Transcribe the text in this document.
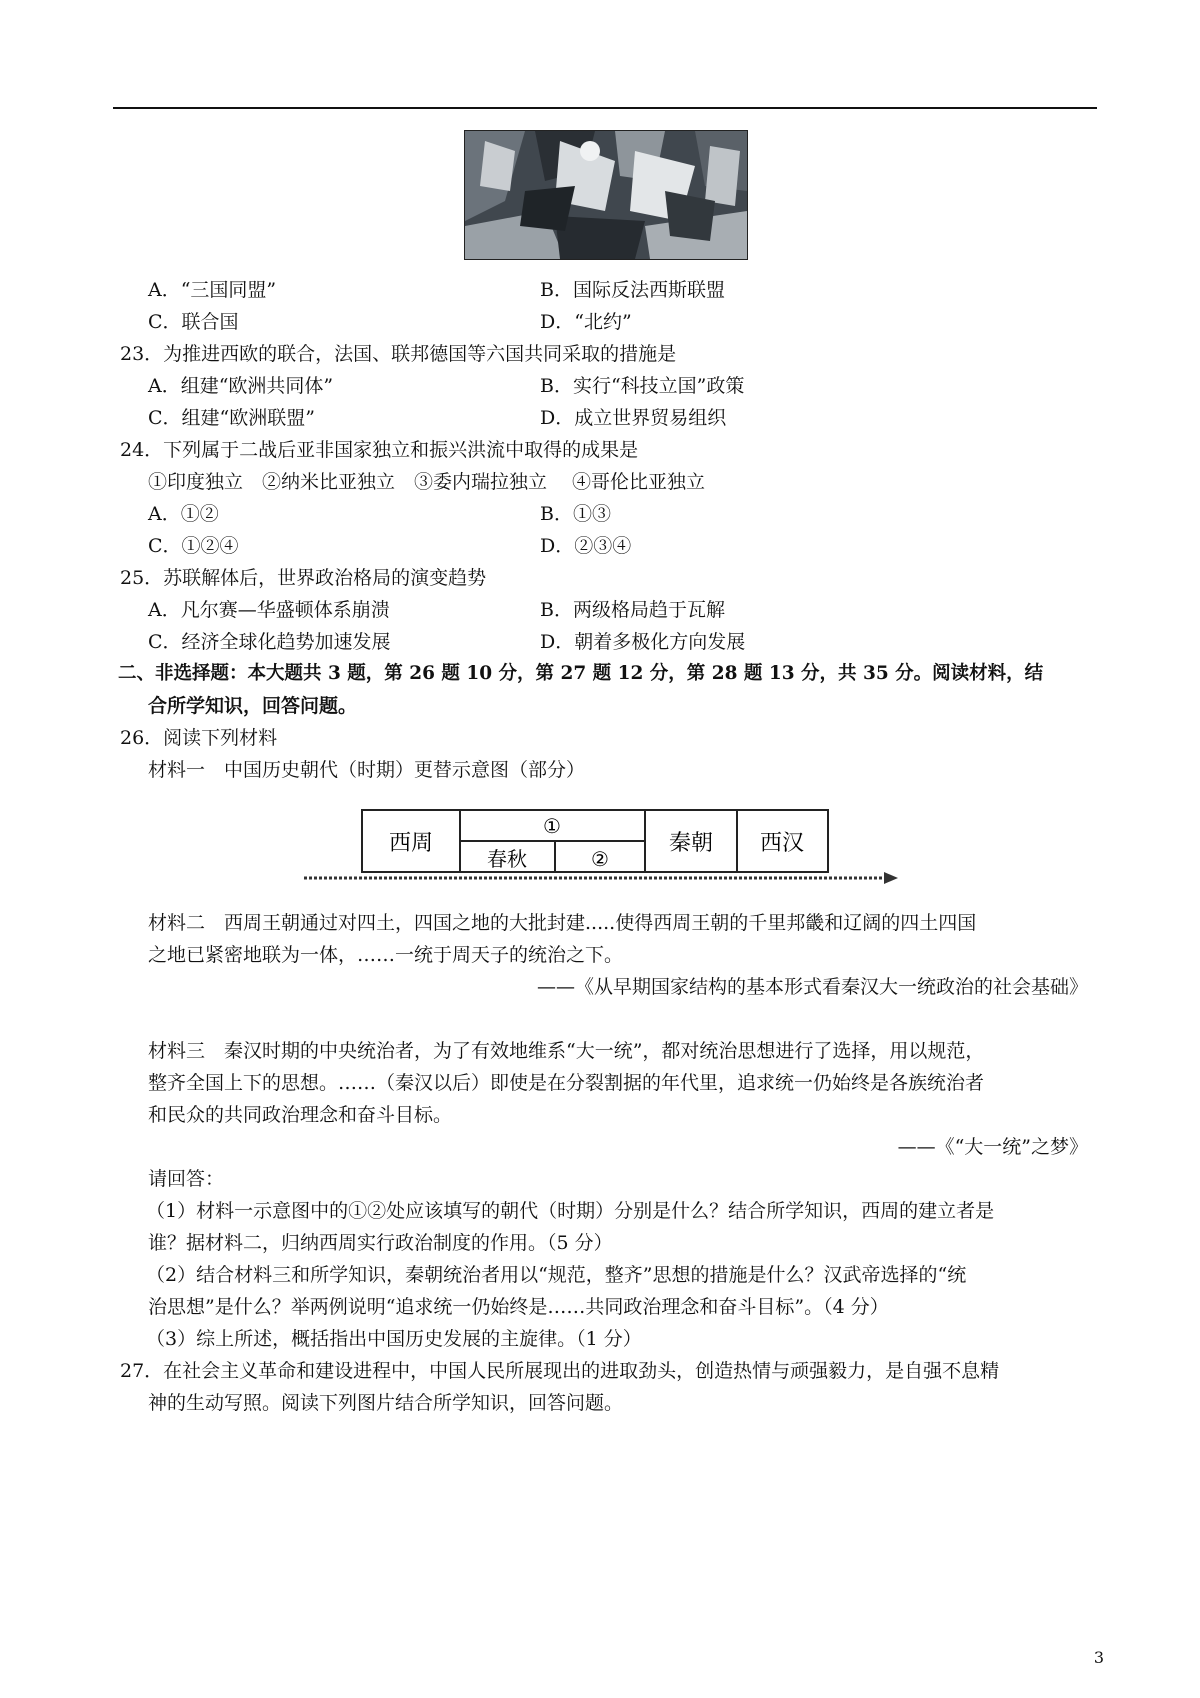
A．“三国同盟”	B．国际反法西斯联盟
C．联合国	D．“北约”
23．为推进西欧的联合，法国、联邦德国等六国共同采取的措施是
A．组建“欧洲共同体”	B．实行“科技立国”政策
C．组建“欧洲联盟”	D．成立世界贸易组织
24．下列属于二战后亚非国家独立和振兴洪流中取得的成果是
①印度独立　②纳米比亚独立　③委内瑞拉独立　 ④哥伦比亚独立
A．①②	B．①③
C．①②④	D．②③④
25．苏联解体后，世界政治格局的演变趋势
A．凡尔赛—华盛顿体系崩溃	B．两级格局趋于瓦解
C．经济全球化趋势加速发展	D．朝着多极化方向发展
二、非选择题：本大题共 3 题，第 26 题 10 分，第 27 题 12 分，第 28 题 13 分，共 35 分。阅读材料，结
合所学知识，回答问题。
26．阅读下列材料
材料一　中国历史朝代（时期）更替示意图（部分）
西周
①
春秋	②
秦朝 西汉
材料二　西周王朝通过对四土，四国之地的大批封建.....使得西周王朝的千里邦畿和辽阔的四土四国
之地已紧密地联为一体，……一统于周天子的统治之下。
——《从早期国家结构的基本形式看秦汉大一统政治的社会基础》
材料三　秦汉时期的中央统治者，为了有效地维系“大一统”，都对统治思想进行了选择，用以规范，
整齐全国上下的思想。……（秦汉以后）即使是在分裂割据的年代里，追求统一仍始终是各族统治者
和民众的共同政治理念和奋斗目标。
——《“大一统”之梦》
请回答：
（1）材料一示意图中的①②处应该填写的朝代（时期）分别是什么？结合所学知识，西周的建立者是
谁？据材料二，归纳西周实行政治制度的作用。（5 分）
（2）结合材料三和所学知识，秦朝统治者用以“规范，整齐”思想的措施是什么？汉武帝选择的“统
治思想”是什么？举两例说明“追求统一仍始终是……共同政治理念和奋斗目标”。（4 分）
（3）综上所述，概括指出中国历史发展的主旋律。（1 分）
27．在社会主义革命和建设进程中，中国人民所展现出的进取劲头，创造热情与顽强毅力，是自强不息精
神的生动写照。阅读下列图片结合所学知识，回答问题。
3
